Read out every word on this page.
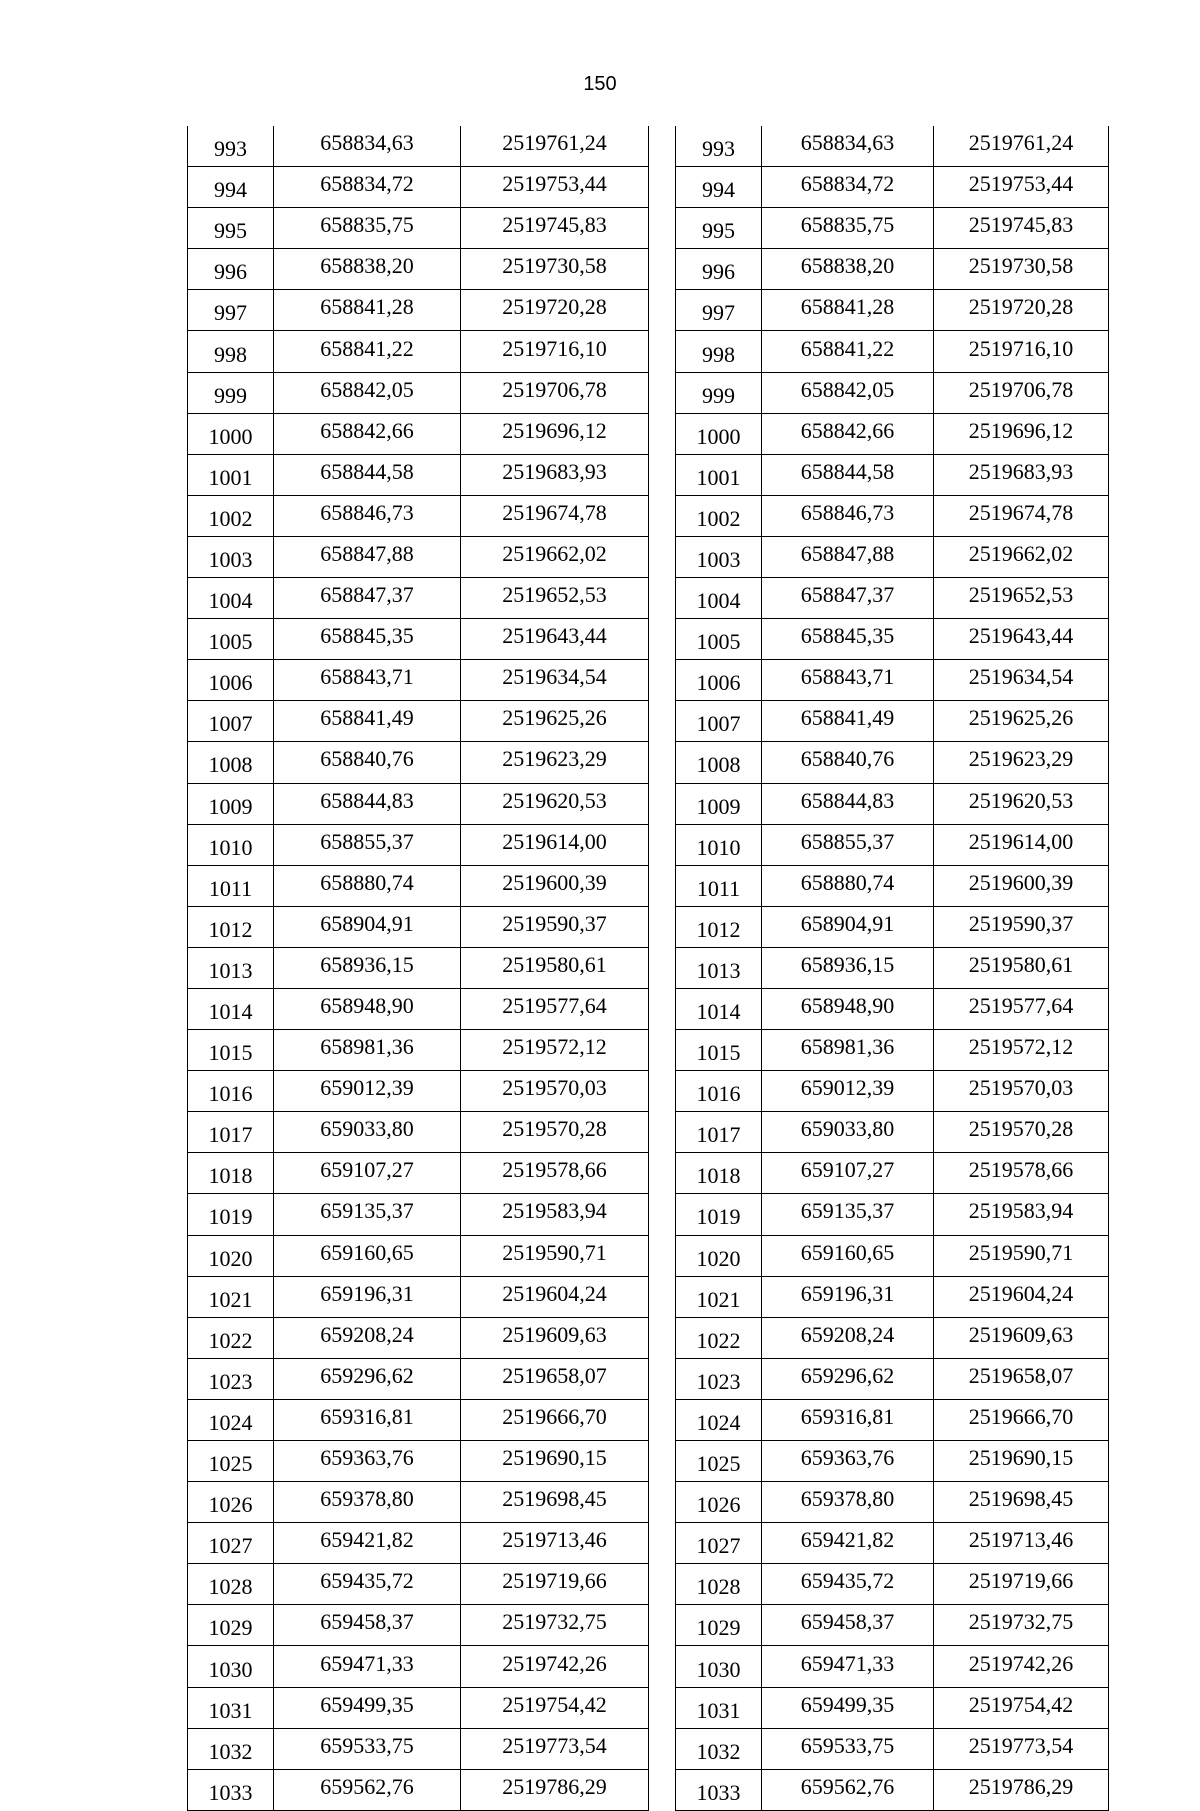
150
993	658834,63	2519761,24
994	658834,72	2519753,44
995	658835,75	2519745,83
996	658838,20	2519730,58
997	658841,28	2519720,28
998	658841,22	2519716,10
999	658842,05	2519706,78
1000	658842,66	2519696,12
1001	658844,58	2519683,93
1002	658846,73	2519674,78
1003	658847,88	2519662,02
1004	658847,37	2519652,53
1005	658845,35	2519643,44
1006	658843,71	2519634,54
1007	658841,49	2519625,26
1008	658840,76	2519623,29
1009	658844,83	2519620,53
1010	658855,37	2519614,00
1011	658880,74	2519600,39
1012	658904,91	2519590,37
1013	658936,15	2519580,61
1014	658948,90	2519577,64
1015	658981,36	2519572,12
1016	659012,39	2519570,03
1017	659033,80	2519570,28
1018	659107,27	2519578,66
1019	659135,37	2519583,94
1020	659160,65	2519590,71
1021	659196,31	2519604,24
1022	659208,24	2519609,63
1023	659296,62	2519658,07
1024	659316,81	2519666,70
1025	659363,76	2519690,15
1026	659378,80	2519698,45
1027	659421,82	2519713,46
1028	659435,72	2519719,66
1029	659458,37	2519732,75
1030	659471,33	2519742,26
1031	659499,35	2519754,42
1032	659533,75	2519773,54
1033	659562,76	2519786,29
993	658834,63	2519761,24
994	658834,72	2519753,44
995	658835,75	2519745,83
996	658838,20	2519730,58
997	658841,28	2519720,28
998	658841,22	2519716,10
999	658842,05	2519706,78
1000	658842,66	2519696,12
1001	658844,58	2519683,93
1002	658846,73	2519674,78
1003	658847,88	2519662,02
1004	658847,37	2519652,53
1005	658845,35	2519643,44
1006	658843,71	2519634,54
1007	658841,49	2519625,26
1008	658840,76	2519623,29
1009	658844,83	2519620,53
1010	658855,37	2519614,00
1011	658880,74	2519600,39
1012	658904,91	2519590,37
1013	658936,15	2519580,61
1014	658948,90	2519577,64
1015	658981,36	2519572,12
1016	659012,39	2519570,03
1017	659033,80	2519570,28
1018	659107,27	2519578,66
1019	659135,37	2519583,94
1020	659160,65	2519590,71
1021	659196,31	2519604,24
1022	659208,24	2519609,63
1023	659296,62	2519658,07
1024	659316,81	2519666,70
1025	659363,76	2519690,15
1026	659378,80	2519698,45
1027	659421,82	2519713,46
1028	659435,72	2519719,66
1029	659458,37	2519732,75
1030	659471,33	2519742,26
1031	659499,35	2519754,42
1032	659533,75	2519773,54
1033	659562,76	2519786,29
